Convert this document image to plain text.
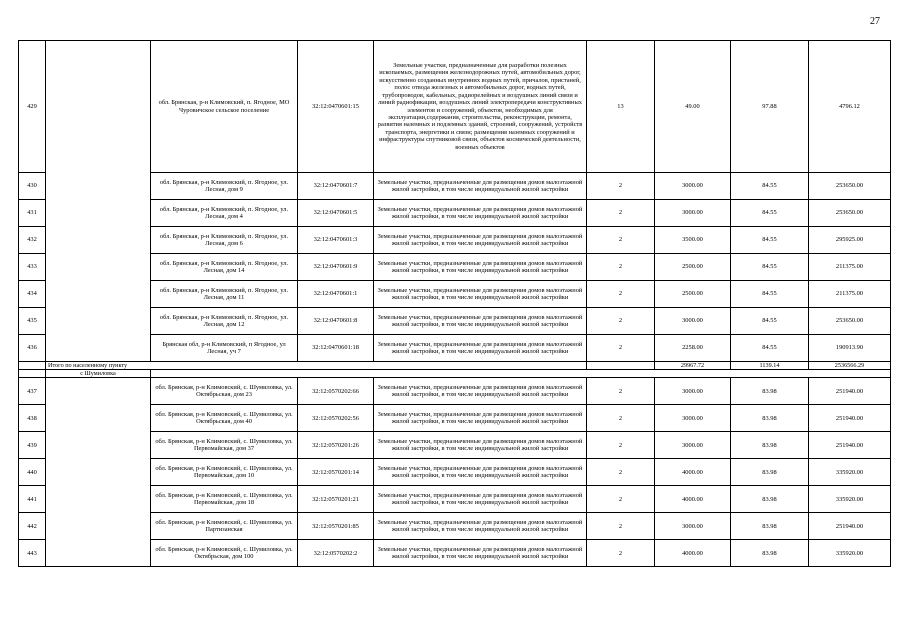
27
429		обл. Брянская, р-н Климовский, п. Ягодное, МО Чуровичское сельское поселение	32:12:0470601:15	Земельные участки, предназначенные для разработки полезных ископаемых, размещения железнодорожных путей, автомобильных дорог, искусственно созданных внутренних водных путей, причалов, пристаней, полос отвода железных и автомобильных дорог, водных путей, трубопроводов, кабельных, радиорелейных и воздушных линий связи и линий радиофикации, воздушных линий электропередачи конструктивных элементов и сооружений, объектов, необходимых для эксплуатации,содержания, строительства, реконструкции, ремонта, развития наземных и подземных зданий, строений, сооружений, устройств транспорта, энергетики и связи; размещения наземных сооружений и инфраструктуры спутниковой связи, объектов космической деятельности, военных объектов	13	49.00	97.88	4796.12
430		обл. Брянская, р-н Климовский, п. Ягодное, ул. Лесная, дом 9	32:12:0470601:7	Земельные участки, предназначенные для размещения домов малоэтажной жилой застройки, в том числе индивидуальной жилой застройки	2	3000.00	84.55	253650.00
431		обл. Брянская, р-н Климовский, п. Ягодное, ул. Лесная, дом 4	32:12:0470601:5	Земельные участки, предназначенные для размещения домов малоэтажной жилой застройки, в том числе индивидуальной жилой застройки	2	3000.00	84.55	253650.00
432		обл. Брянская, р-н Климовский, п. Ягодное, ул. Лесная, дом 6	32:12:0470601:3	Земельные участки, предназначенные для размещения домов малоэтажной жилой застройки, в том числе индивидуальной жилой застройки	2	3500.00	84.55	295925.00
433		обл. Брянская, р-н Климовский, п. Ягодное, ул. Лесная, дом 14	32:12:0470601:9	Земельные участки, предназначенные для размещения домов малоэтажной жилой застройки, в том числе индивидуальной жилой застройки	2	2500.00	84.55	211375.00
434		обл. Брянская, р-н Климовский, п. Ягодное, ул. Лесная, дом 11	32:12:0470601:1	Земельные участки, предназначенные для размещения домов малоэтажной жилой застройки, в том числе индивидуальной жилой застройки	2	2500.00	84.55	211375.00
435		обл. Брянская, р-н Климовский, п. Ягодное, ул. Лесная, дом 12	32:12:0470601:8	Земельные участки, предназначенные для размещения домов малоэтажной жилой застройки, в том числе индивидуальной жилой застройки	2	3000.00	84.55	253650.00
436		Брянская обл, р-н Климовский, п Ягодное, ул Лесная, уч 7	32:12:0470601:18	Земельные участки, предназначенные для размещения домов малоэтажной жилой застройки, в том числе индивидуальной жилой застройки	2	2258.00	84.55	190913.90
	Итого по населенному пункту					29967.72	1139.14	2536566.29
	с Шумиловка							
437		обл. Брянская, р-н Климовский, с. Шумиловка, ул. Октябрьская, дом 23	32:12:0570202:66	Земельные участки, предназначенные для размещения домов малоэтажной жилой застройки, в том числе индивидуальной жилой застройки	2	3000.00	83.98	251940.00
438		обл. Брянская, р-н Климовский, с. Шумиловка, ул. Октябрьская, дом 40	32:12:0570202:56	Земельные участки, предназначенные для размещения домов малоэтажной жилой застройки, в том числе индивидуальной жилой застройки	2	3000.00	83.98	251940.00
439		обл. Брянская, р-н Климовский, с. Шумиловка, ул. Первомайская, дом 37	32:12:0570201:26	Земельные участки, предназначенные для размещения домов малоэтажной жилой застройки, в том числе индивидуальной жилой застройки	2	3000.00	83.98	251940.00
440		обл. Брянская, р-н Климовский, с. Шумиловка, ул. Первомайская, дом 10	32:12:0570201:14	Земельные участки, предназначенные для размещения домов малоэтажной жилой застройки, в том числе индивидуальной жилой застройки	2	4000.00	83.98	335920.00
441		обл. Брянская, р-н Климовский, с. Шумиловка, ул. Первомайская, дом 18	32:12:0570201:21	Земельные участки, предназначенные для размещения домов малоэтажной жилой застройки, в том числе индивидуальной жилой застройки	2	4000.00	83.98	335920.00
442		обл. Брянская, р-н Климовский, с. Шумиловка, ул. Партизанская	32:12:0570201:85	Земельные участки, предназначенные для размещения домов малоэтажной жилой застройки, в том числе индивидуальной жилой застройки	2	3000.00	83.98	251940.00
443		обл. Брянская, р-н Климовский, с. Шумиловка, ул. Октябрьская, дом 100	32:12:0570202:2	Земельные участки, предназначенные для размещения домов малоэтажной жилой застройки, в том числе индивидуальной жилой застройки	2	4000.00	83.98	335920.00
